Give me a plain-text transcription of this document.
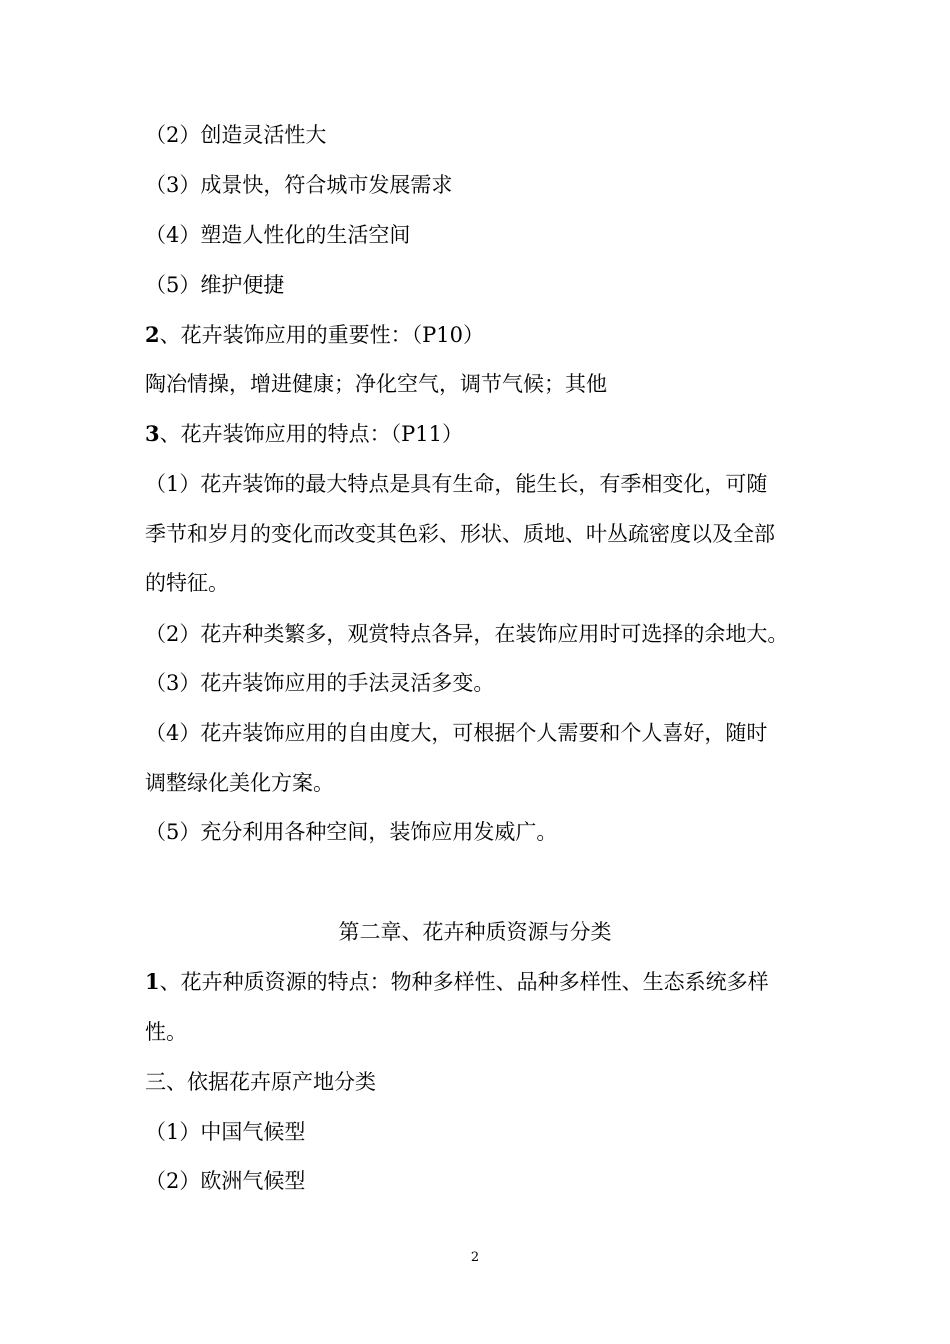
（2）创造灵活性大
（3）成景快，符合城市发展需求
（4）塑造人性化的生活空间
（5）维护便捷
2、花卉装饰应用的重要性：（P10）
陶冶情操，增进健康；净化空气，调节气候；其他
3、花卉装饰应用的特点：（P11）
（1）花卉装饰的最大特点是具有生命，能生长，有季相变化，可随
季节和岁月的变化而改变其色彩、形状、质地、叶丛疏密度以及全部
的特征。
（2）花卉种类繁多，观赏特点各异，在装饰应用时可选择的余地大。
（3）花卉装饰应用的手法灵活多变。
（4）花卉装饰应用的自由度大，可根据个人需要和个人喜好，随时
调整绿化美化方案。
（5）充分利用各种空间，装饰应用发威广。
第二章、花卉种质资源与分类
1、花卉种质资源的特点：物种多样性、品种多样性、生态系统多样
性。
三、依据花卉原产地分类
（1）中国气候型
（2）欧洲气候型
2
